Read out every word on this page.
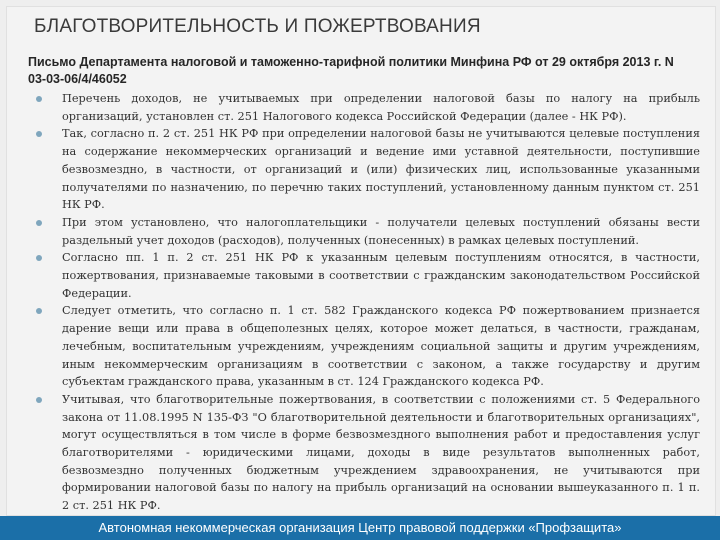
БЛАГОТВОРИТЕЛЬНОСТЬ И ПОЖЕРТВОВАНИЯ
Письмо Департамента налоговой и таможенно-тарифной политики Минфина РФ от 29 октября 2013 г. N 03-03-06/4/46052
Перечень доходов, не учитываемых при определении налоговой базы по налогу на прибыль организаций, установлен ст. 251 Налогового кодекса Российской Федерации (далее - НК РФ).
Так, согласно п. 2 ст. 251 НК РФ при определении налоговой базы не учитываются целевые поступления на содержание некоммерческих организаций и ведение ими уставной деятельности, поступившие безвозмездно, в частности, от организаций и (или) физических лиц, использованные указанными получателями по назначению, по перечню таких поступлений, установленному данным пунктом ст. 251 НК РФ.
При этом установлено, что налогоплательщики - получатели целевых поступлений обязаны вести раздельный учет доходов (расходов), полученных (понесенных) в рамках целевых поступлений.
Согласно пп. 1 п. 2 ст. 251 НК РФ к указанным целевым поступлениям относятся, в частности, пожертвования, признаваемые таковыми в соответствии с гражданским законодательством Российской Федерации.
Следует отметить, что согласно п. 1 ст. 582 Гражданского кодекса РФ пожертвованием признается дарение вещи или права в общеполезных целях, которое может делаться, в частности, гражданам, лечебным, воспитательным учреждениям, учреждениям социальной защиты и другим учреждениям, иным некоммерческим организациям в соответствии с законом, а также государству и другим субъектам гражданского права, указанным в ст. 124 Гражданского кодекса РФ.
Учитывая, что благотворительные пожертвования, в соответствии с положениями ст. 5 Федерального закона от 11.08.1995 N 135-ФЗ "О благотворительной деятельности и благотворительных организациях", могут осуществляться в том числе в форме безвозмездного выполнения работ и предоставления услуг благотворителями - юридическими лицами, доходы в виде результатов выполненных работ, безвозмездно полученных бюджетным учреждением здравоохранения, не учитываются при формировании налоговой базы по налогу на прибыль организаций на основании вышеуказанного п. 1 п. 2 ст. 251 НК РФ.
Автономная некоммерческая организация Центр правовой поддержки «Профзащита»
